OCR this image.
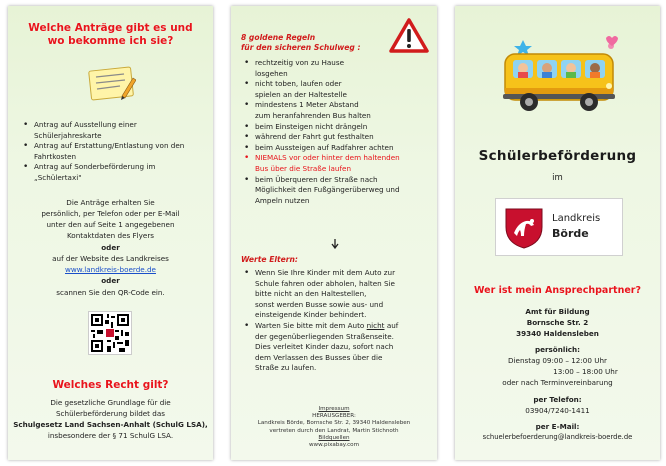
Welche Anträge gibt es und
wo bekomme ich sie?
• Antrag auf Ausstellung einer
Schülerjahreskarte
• Antrag auf Erstattung/Entlastung von den
Fahrtkosten
• Antrag auf Sonderbeförderung im
„Schülertaxi"
Die Anträge erhalten Sie
persönlich, per Telefon oder per E-Mail
unter den auf Seite 1 angegebenen
Kontaktdaten des Flyers
oder
auf der Website des Landkreises
www.landkreis-boerde.de
oder
scannen Sie den QR-Code ein.
Welches Recht gilt?
Die gesetzliche Grundlage für die
Schülerbeförderung bildet das
Schulgesetz Land Sachsen-Anhalt (SchulG LSA),
insbesondere der § 71 SchulG LSA.
8 goldene Regeln
für den sicheren Schulweg :
• rechtzeitig von zu Hause
losgehen
• nicht toben, laufen oder
spielen an der Haltestelle
• mindestens 1 Meter Abstand
zum heranfahrenden Bus halten
• beim Einsteigen nicht drängeln
• während der Fahrt gut festhalten
• beim Aussteigen auf Radfahrer achten
• NIEMALS vor oder hinter dem haltenden
Bus über die Straße laufen
• beim Überqueren der Straße nach
Möglichkeit den Fußgängerüberweg und
Ampeln nutzen
Werte Eltern:
• Wenn Sie Ihre Kinder mit dem Auto zur
Schule fahren oder abholen, halten Sie
bitte nicht an den Haltestellen,
sonst werden Busse sowie aus- und
einsteigende Kinder behindert.
• Warten Sie bitte mit dem Auto nicht auf
der gegenüberliegenden Straßenseite.
Dies verleitet Kinder dazu, sofort nach
dem Verlassen des Busses über die
Straße zu laufen.
Impressum
HERAUSGEBER:
Landkreis Börde, Bornsche Str. 2, 39340 Haldensleben
vertreten durch den Landrat, Martin Stichnoth
Bildquellen
www.pixabay.com
Schülerbeförderung
im
Landkreis
Börde
Wer ist mein Ansprechpartner?
Amt für Bildung
Bornsche Str. 2
39340 Haldensleben
persönlich:
Dienstag 09:00 – 12:00 Uhr
13:00 – 18:00 Uhr
oder nach Terminvereinbarung
per Telefon:
03904/7240-1411
per E-Mail:
schuelerbefoerderung@landkreis-boerde.de
